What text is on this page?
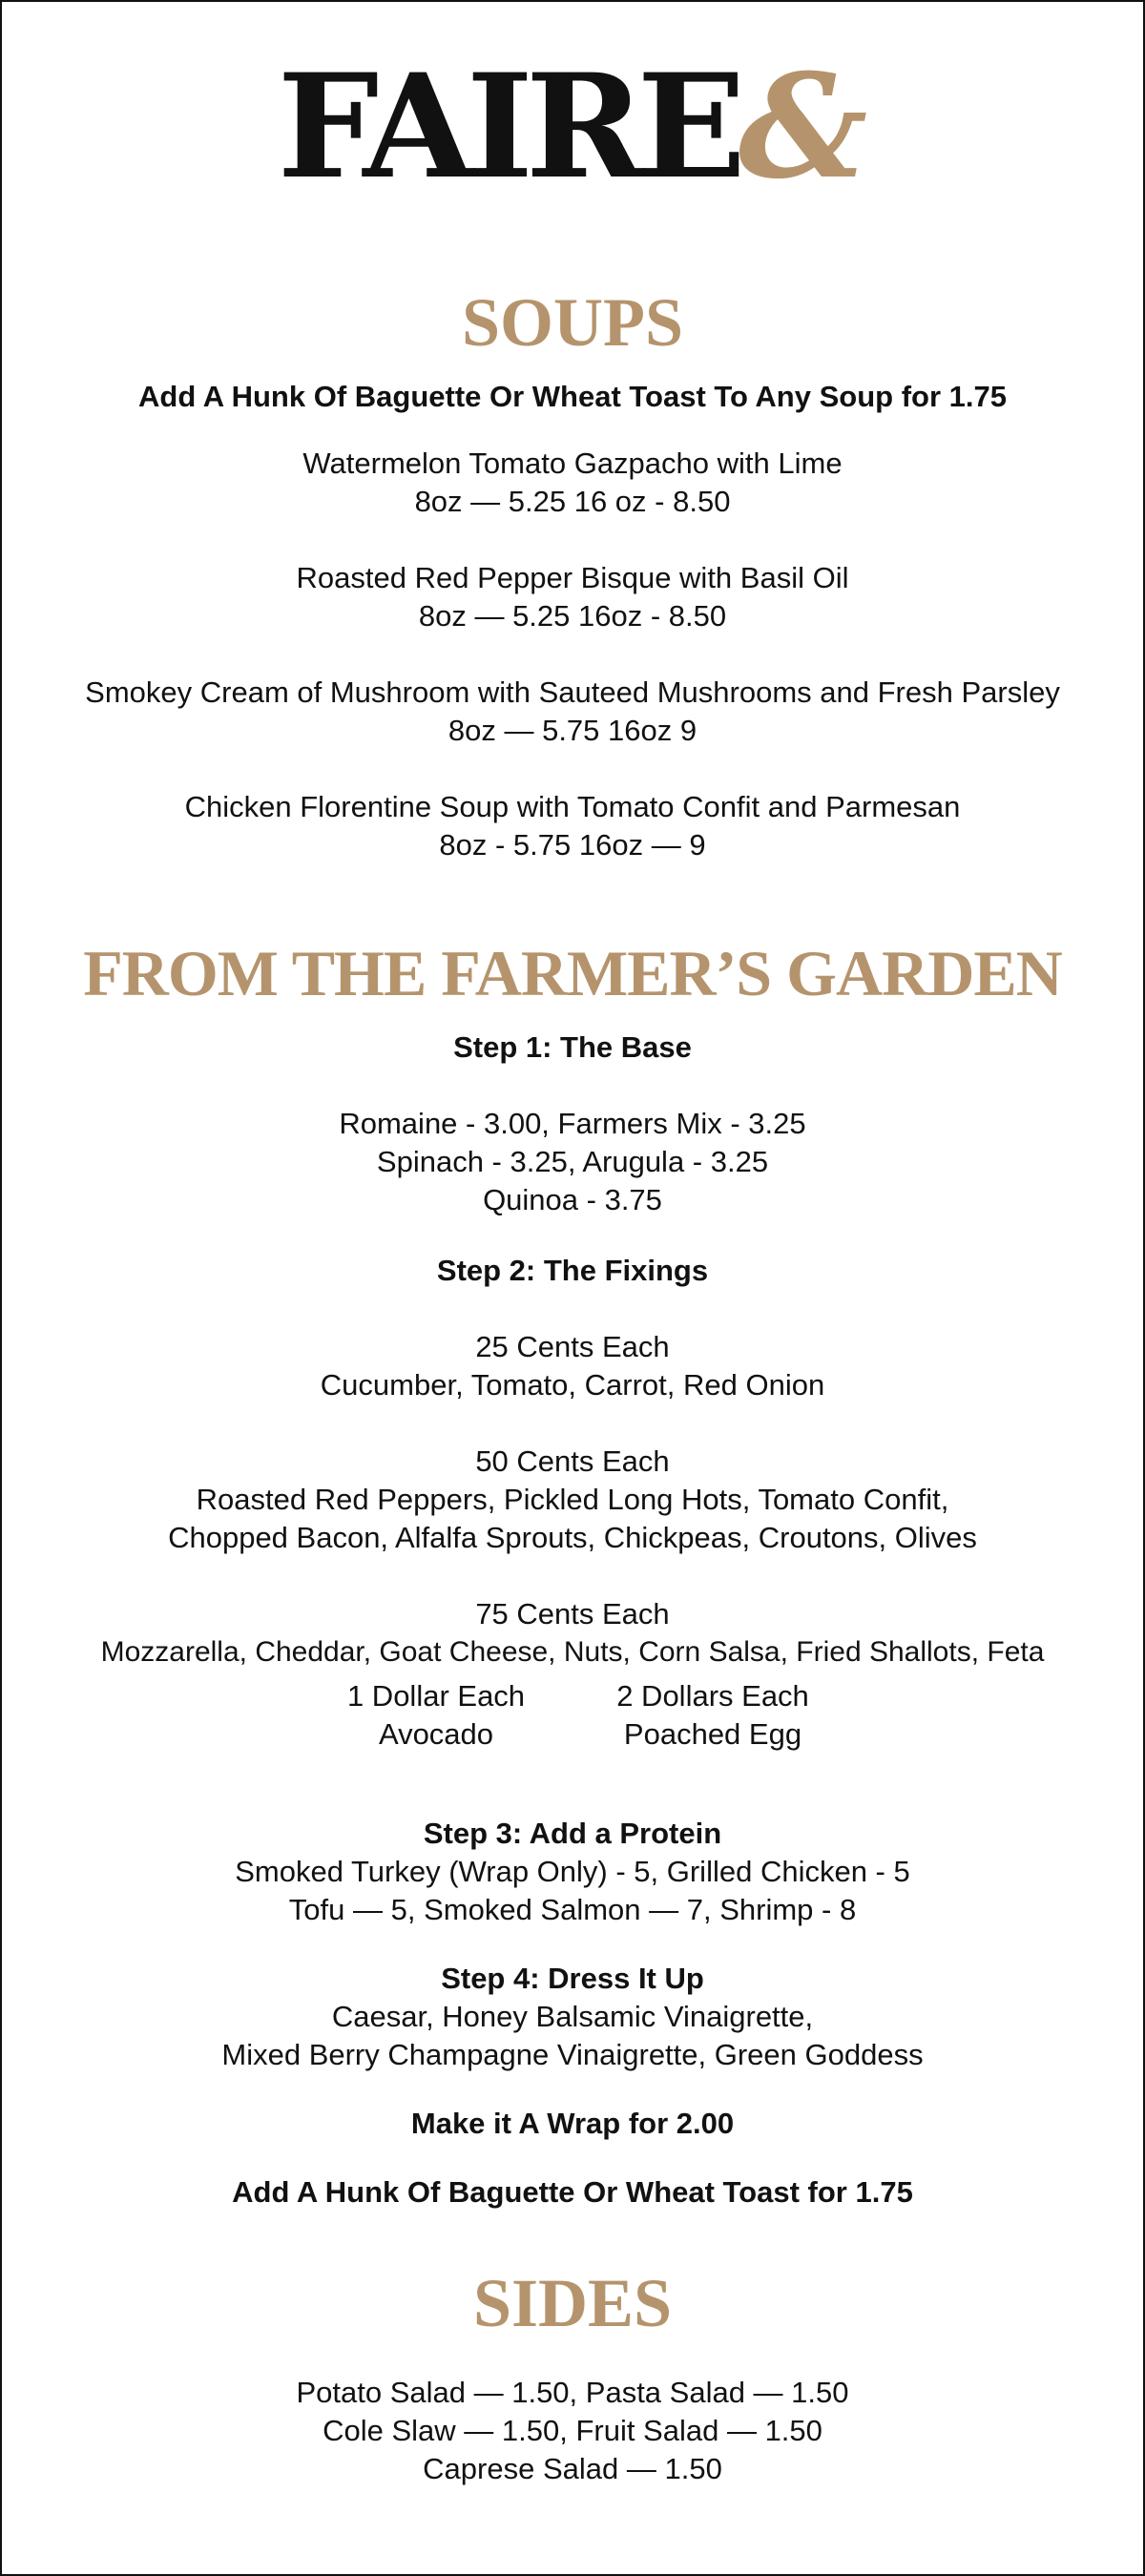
FAIRE&
SOUPS
Add A Hunk Of Baguette Or Wheat Toast To Any Soup for 1.75
Watermelon Tomato Gazpacho with Lime
8oz — 5.25 16 oz - 8.50
Roasted Red Pepper Bisque with Basil Oil
8oz — 5.25 16oz - 8.50
Smokey Cream of Mushroom with Sauteed Mushrooms and Fresh Parsley
8oz — 5.75 16oz 9
Chicken Florentine Soup with Tomato Confit and Parmesan
8oz - 5.75 16oz — 9
FROM THE FARMER’S GARDEN
Step 1: The Base
Romaine - 3.00, Farmers Mix - 3.25
Spinach - 3.25, Arugula - 3.25
Quinoa - 3.75
Step 2: The Fixings
25 Cents Each
Cucumber, Tomato, Carrot, Red Onion
50 Cents Each
Roasted Red Peppers, Pickled Long Hots, Tomato Confit,
Chopped Bacon, Alfalfa Sprouts, Chickpeas, Croutons, Olives
75 Cents Each
Mozzarella, Cheddar, Goat Cheese, Nuts, Corn Salsa, Fried Shallots, Feta
1 Dollar Each
Avocado
2 Dollars Each
Poached Egg
Step 3: Add a Protein
Smoked Turkey (Wrap Only) - 5, Grilled Chicken - 5
Tofu — 5, Smoked Salmon — 7, Shrimp - 8
Step 4: Dress It Up
Caesar, Honey Balsamic Vinaigrette,
Mixed Berry Champagne Vinaigrette, Green Goddess
Make it A Wrap for 2.00
Add A Hunk Of Baguette Or Wheat Toast for 1.75
SIDES
Potato Salad — 1.50, Pasta Salad — 1.50
Cole Slaw — 1.50, Fruit Salad — 1.50
Caprese Salad — 1.50
